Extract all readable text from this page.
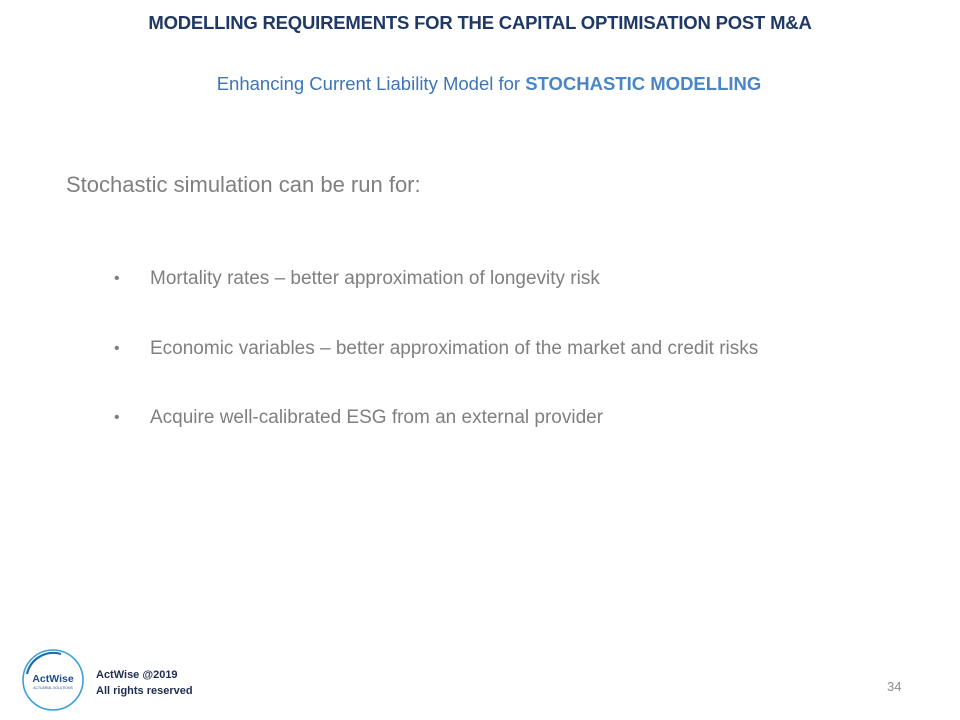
MODELLING REQUIREMENTS FOR THE CAPITAL OPTIMISATION POST M&A
Enhancing Current Liability Model for STOCHASTIC MODELLING
Stochastic simulation can be run for:
• Mortality rates – better approximation of longevity risk
• Economic variables – better approximation of the market and credit risks
• Acquire well-calibrated ESG from an external provider
ActWise
ACTUARIAL SOLUTIONS
ActWise @2019
All rights reserved	34
